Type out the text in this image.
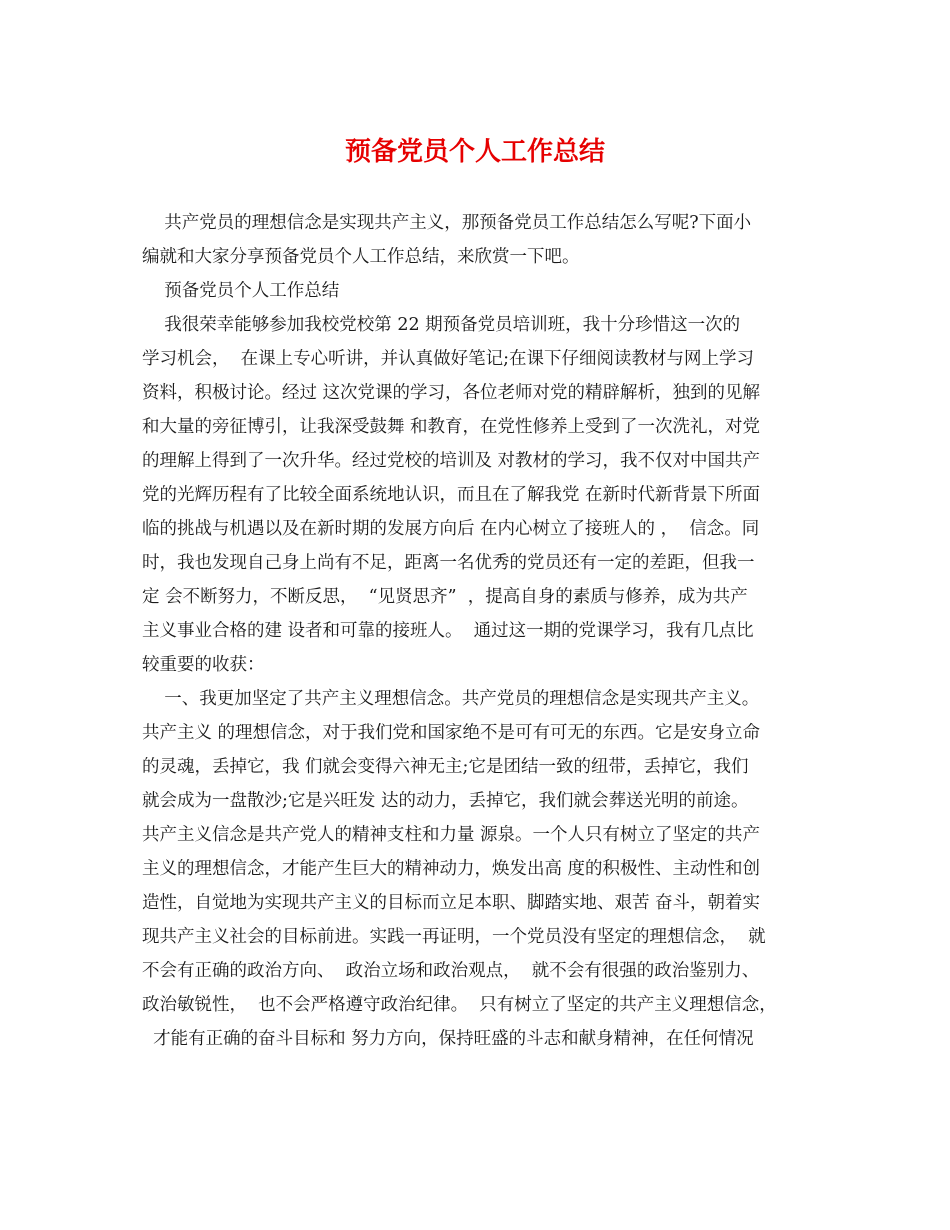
预备党员个人工作总结

共产党员的理想信念是实现共产主义，那预备党员工作总结怎么写呢?下面小

编就和大家分享预备党员个人工作总结，来欣赏一下吧。

预备党员个人工作总结

我很荣幸能够参加我校党校第 22 期预备党员培训班，我十分珍惜这一次的

学习机会，  在课上专心听讲，并认真做好笔记;在课下仔细阅读教材与网上学习

资料，积极讨论。经过 这次党课的学习，各位老师对党的精辟解析，独到的见解

和大量的旁征博引，让我深受鼓舞 和教育，在党性修养上受到了一次洗礼，对党

的理解上得到了一次升华。经过党校的培训及 对教材的学习，我不仅对中国共产

党的光辉历程有了比较全面系统地认识，而且在了解我党 在新时代新背景下所面

临的挑战与机遇以及在新时期的发展方向后 在内心树立了接班人的 ，  信念。同

时，我也发现自己身上尚有不足，距离一名优秀的党员还有一定的差距，但我一

定 会不断努力，不断反思，  “见贤思齐”  ，提高自身的素质与修养，成为共产

主义事业合格的建 设者和可靠的接班人。  通过这一期的党课学习，我有几点比

较重要的收获：

一、我更加坚定了共产主义理想信念。共产党员的理想信念是实现共产主义。

共产主义 的理想信念，对于我们党和国家绝不是可有可无的东西。它是安身立命

的灵魂，丢掉它，我 们就会变得六神无主;它是团结一致的纽带，丢掉它，我们

就会成为一盘散沙;它是兴旺发 达的动力，丢掉它，我们就会葬送光明的前途。

共产主义信念是共产党人的精神支柱和力量 源泉。一个人只有树立了坚定的共产

主义的理想信念，才能产生巨大的精神动力，焕发出高 度的积极性、主动性和创

造性，自觉地为实现共产主义的目标而立足本职、脚踏实地、艰苦 奋斗，朝着实

现共产主义社会的目标前进。实践一再证明，一个党员没有坚定的理想信念，  就

不会有正确的政治方向、  政治立场和政治观点，  就不会有很强的政治鉴别力、

政治敏锐性，  也不会严格遵守政治纪律。  只有树立了坚定的共产主义理想信念，

才能有正确的奋斗目标和 努力方向，保持旺盛的斗志和献身精神，在任何情况
